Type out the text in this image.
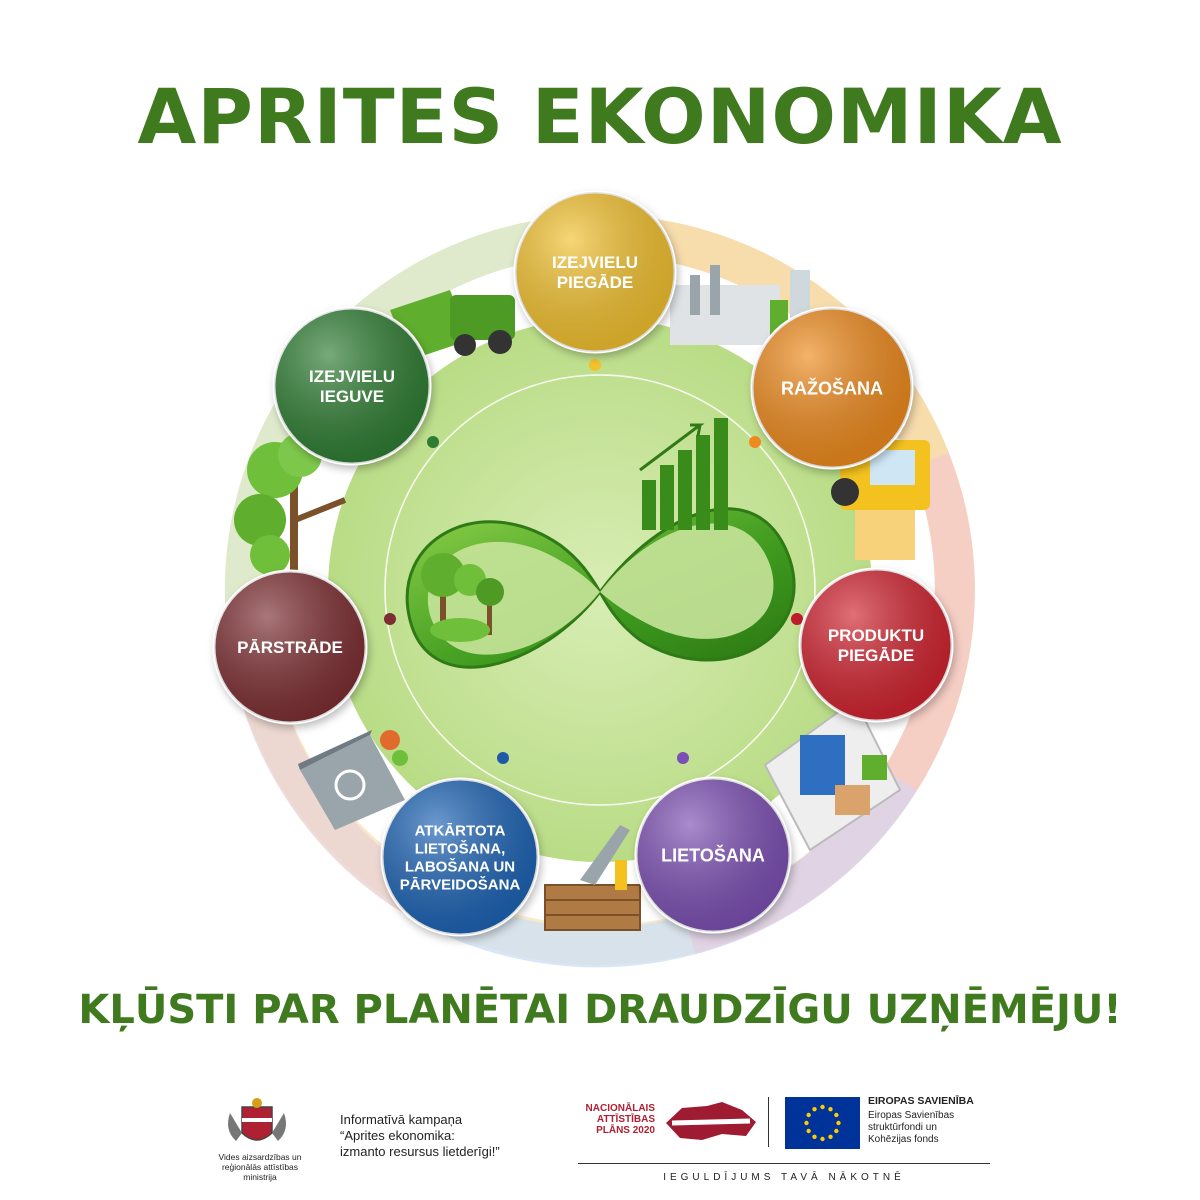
APRITES EKONOMIKA
IZEJVIELU
PIEGĀDE
RAŽOŠANA
PRODUKTU
PIEGĀDE
LIETOŠANA
ATKĀRTOTA
LIETOŠANA,
LABOŠANA UN
PĀRVEIDOŠANA
PĀRSTRĀDE
IZEJVIELU
IEGUVE
KĻŪSTI PAR PLANĒTAI DRAUDZĪGU UZŅĒMĒJU!
Vides aizsardzības un reģionālās attīstības ministrija
Informatīvā kampaņa
“Aprites ekonomika:
izmanto resursus lietderīgi!”
NACIONĀLAIS ATTĪSTĪBAS PLĀNS 2020
EIROPAS SAVIENĪBA
Eiropas Savienības struktūrfondi un Kohēzijas fonds
IEGULDĪJUMS TAVĀ NĀKOTNĒ
